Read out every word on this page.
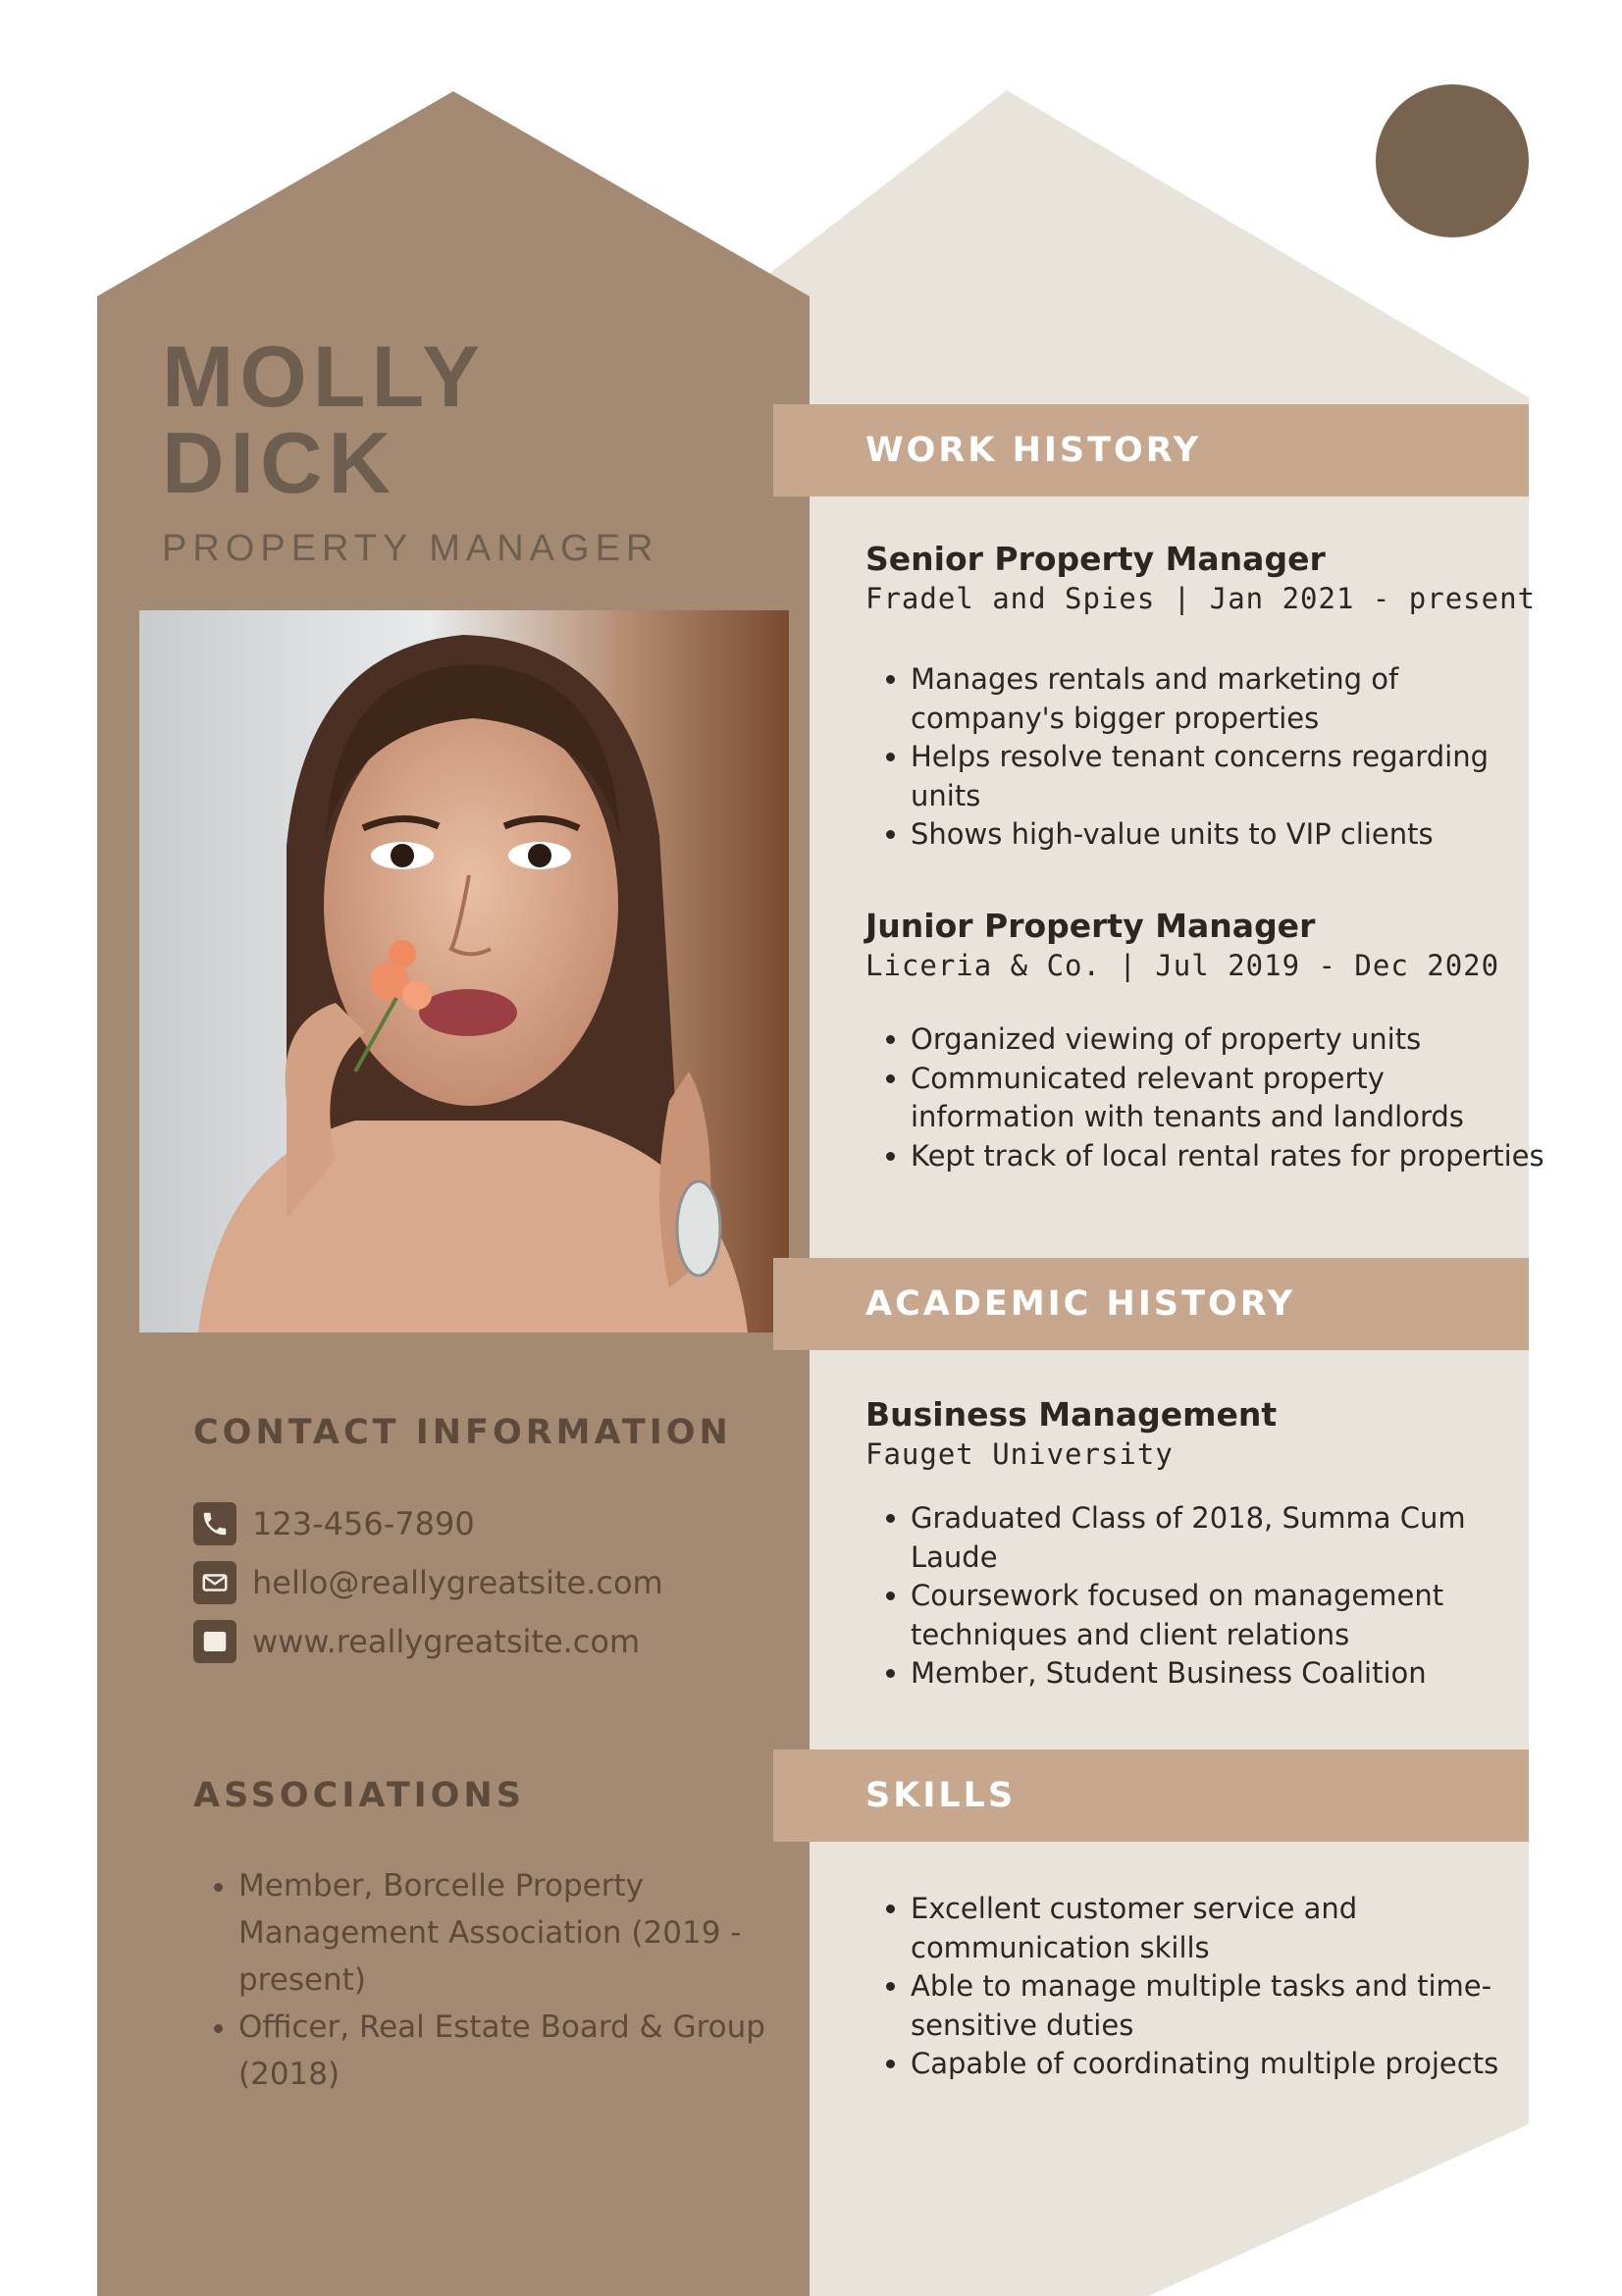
MOLLY
DICK
PROPERTY MANAGER
CONTACT INFORMATION
123-456-7890
hello@reallygreatsite.com
www.reallygreatsite.com
ASSOCIATIONS
• Member, Borcelle Property Management Association (2019 - present)
• Officer, Real Estate Board & Group (2018)
WORK HISTORY
Senior Property Manager
Fradel and Spies | Jan 2021 - present
• Manages rentals and marketing of company's bigger properties
• Helps resolve tenant concerns regarding units
• Shows high-value units to VIP clients
Junior Property Manager
Liceria & Co. | Jul 2019 - Dec 2020
• Organized viewing of property units
• Communicated relevant property information with tenants and landlords
• Kept track of local rental rates for properties
ACADEMIC HISTORY
Business Management
Fauget University
• Graduated Class of 2018, Summa Cum Laude
• Coursework focused on management techniques and client relations
• Member, Student Business Coalition
SKILLS
• Excellent customer service and communication skills
• Able to manage multiple tasks and time-sensitive duties
• Capable of coordinating multiple projects
